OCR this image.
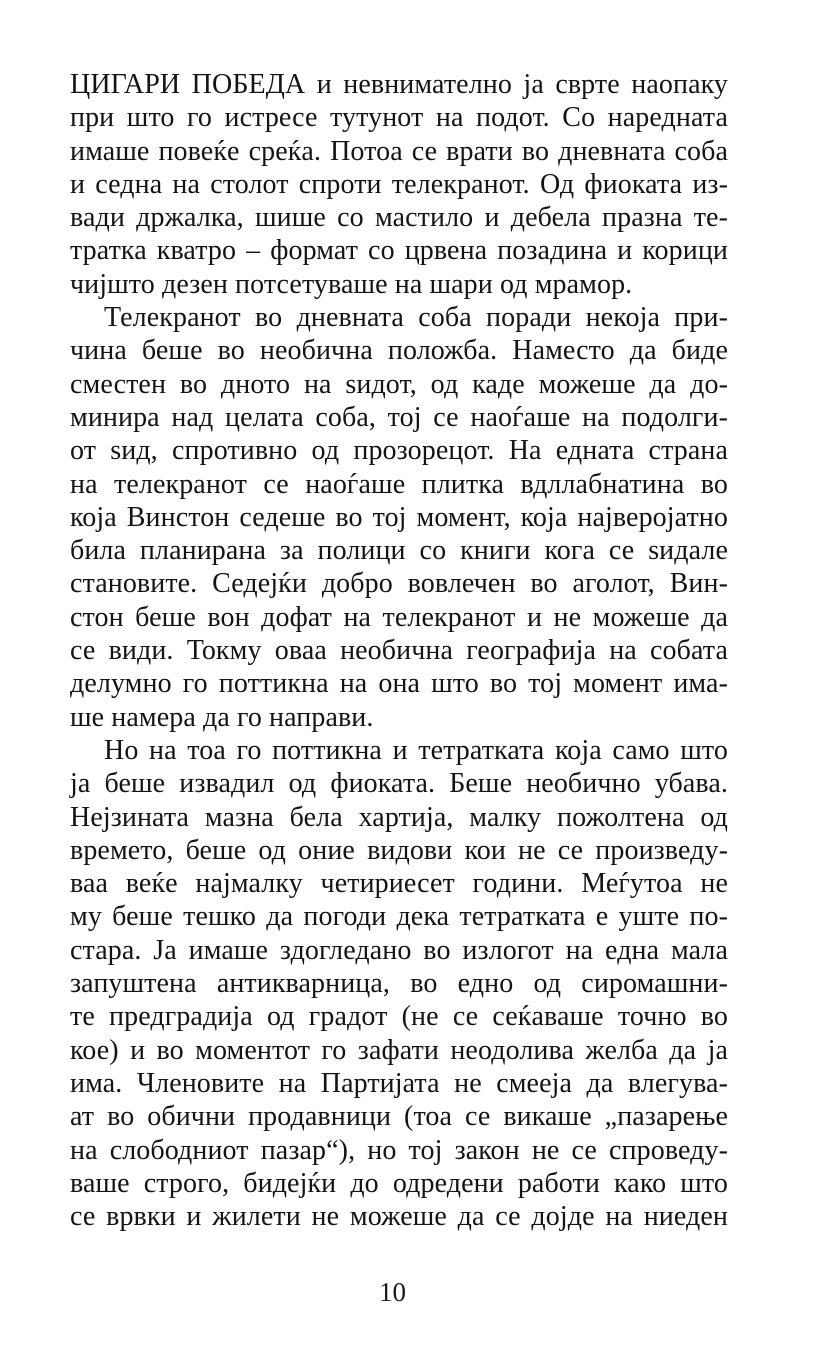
ЦИГАРИ ПОБЕДА и невнимателно ја сврте наопаку
при што го истресе тутунот на подот. Со наредната
имаше повеќе среќа. Потоа се врати во дневната соба
и седна на столот спроти телекранот. Од фиоката из-
вади држалка, шише со мастило и дебела празна те-
тратка кватро – формат со црвена позадина и корици
чијшто дезен потсетуваше на шари од мрамор.

Телекранот во дневната соба поради некоја при-
чина беше во необична положба. Наместо да биде
сместен во дното на ѕидот, од каде можеше да до-
минира над целата соба, тој се наоѓаше на подолги-
от ѕид, спротивно од прозорецот. На едната страна
на телекранот се наоѓаше плитка вдллабнатина во
која Винстон седеше во тој момент, која најверојатно
била планирана за полици со книги кога се ѕидале
становите. Седејќи добро вовлечен во аголот, Вин-
стон беше вон дофат на телекранот и не можеше да
се види. Токму оваа необична географија на собата
делумно го поттикна на она што во тој момент има-
ше намера да го направи.

Но на тоа го поттикна и тетратката која само што
ја беше извадил од фиоката. Беше необично убава.
Нејзината мазна бела хартија, малку пожолтена од
времето, беше од оние видови кои не се произведу-
ваа веќе најмалку четириесет години. Меѓутоа не
му беше тешко да погоди дека тетратката е уште по-
стара. Ја имаше здогледано во излогот на една мала
запуштена антикварница, во едно од сиромашни-
те предградија од градот (не се сеќаваше точно во
кое) и во моментот го зафати неодолива желба да ја
има. Членовите на Партијата не смееја да влегува-
ат во обични продавници (тоа се викаше „пазарење
на слободниот пазар“), но тој закон не се спроведу-
ваше строго, бидејќи до одредени работи како што
се врвки и жилети не можеше да се дојде на ниеден

10
